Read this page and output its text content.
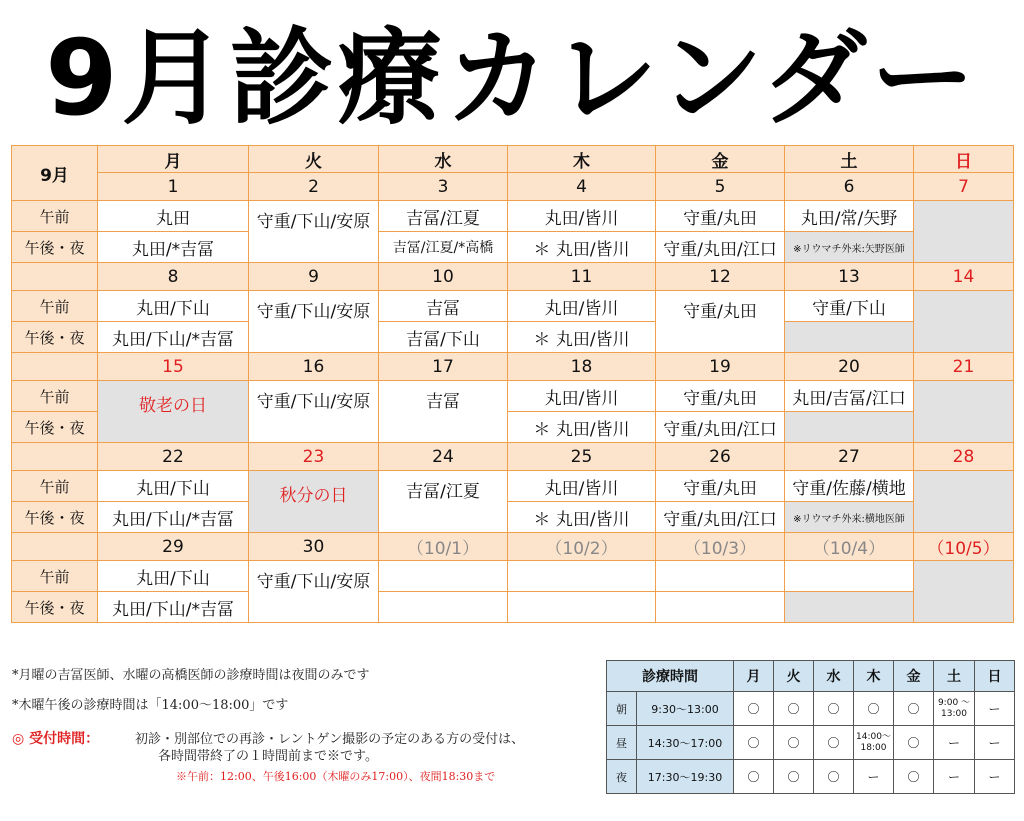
9月診療カレンダー
9月	月	火	水	木	金	土	日
	1	2	3	4	5	6	7
午前	丸田	守重/下山/安原	吉冨/江夏	丸田/皆川	守重/丸田	丸田/常/矢野	
午後・夜	丸田/*吉冨		吉冨/江夏/*高橋	＊ 丸田/皆川	守重/丸田/江口	※リウマチ外来:矢野医師	
	8	9	10	11	12	13	14
午前	丸田/下山	守重/下山/安原	吉冨	丸田/皆川	守重/丸田	守重/下山	
午後・夜	丸田/下山/*吉冨		吉冨/下山	＊ 丸田/皆川			
	15	16	17	18	19	20	21
午前	敬老の日	守重/下山/安原	吉冨	丸田/皆川	守重/丸田	丸田/吉冨/江口	
午後・夜				＊ 丸田/皆川	守重/丸田/江口		
	22	23	24	25	26	27	28
午前	丸田/下山	秋分の日	吉冨/江夏	丸田/皆川	守重/丸田	守重/佐藤/横地	
午後・夜	丸田/下山/*吉冨			＊ 丸田/皆川	守重/丸田/江口	※リウマチ外来:横地医師	
	29	30	（10/1）	（10/2）	（10/3）	（10/4）	（10/5）
午前	丸田/下山	守重/下山/安原					
午後・夜	丸田/下山/*吉冨						
*月曜の吉冨医師、水曜の高橋医師の診療時間は夜間のみです
*木曜午後の診療時間は「14:00～18:00」です
◎ 受付時間：	初診・別部位での再診・レントゲン撮影の予定のある方の受付は、
各時間帯終了の１時間前まで※です。
※午前：12:00、午後16:00（木曜のみ17:00）、夜間18:30まで
診療時間		月	火	水	木	金	土	日
朝	9:30～13:00	〇	〇	〇	〇	〇	9:00 ～ 13:00	ー
昼	14:30～17:00	〇	〇	〇	14:00～ 18:00	〇	ー	ー
夜	17:30～19:30	〇	〇	〇	ー	〇	ー	ー
